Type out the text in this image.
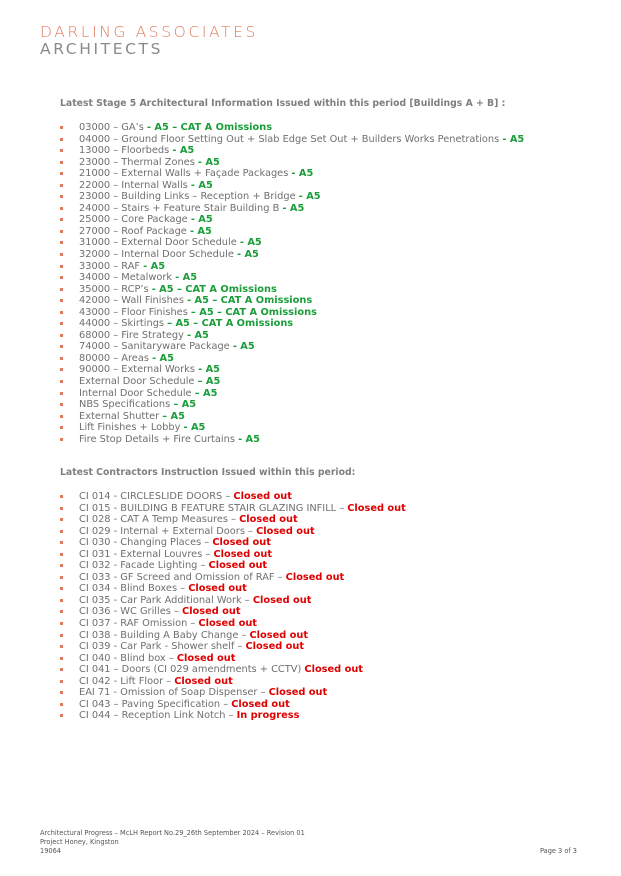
DARLING ASSOCIATES
ARCHITECTS
Latest Stage 5 Architectural Information Issued within this period [Buildings A + B] :
03000 – GA’s - A5 – CAT A Omissions
04000 – Ground Floor Setting Out + Slab Edge Set Out + Builders Works Penetrations - A5
13000 – Floorbeds - A5
23000 – Thermal Zones - A5
21000 – External Walls + Façade Packages - A5
22000 – Internal Walls - A5
23000 – Building Links – Reception + Bridge - A5
24000 – Stairs + Feature Stair Building B - A5
25000 – Core Package - A5
27000 – Roof Package - A5
31000 – External Door Schedule - A5
32000 – Internal Door Schedule - A5
33000 – RAF - A5
34000 – Metalwork - A5
35000 – RCP’s - A5 – CAT A Omissions
42000 – Wall Finishes - A5 – CAT A Omissions
43000 – Floor Finishes – A5 – CAT A Omissions
44000 – Skirtings – A5 – CAT A Omissions
68000 – Fire Strategy - A5
74000 – Sanitaryware Package - A5
80000 – Areas - A5
90000 – External Works - A5
External Door Schedule – A5
Internal Door Schedule – A5
NBS Specifications – A5
External Shutter – A5
Lift Finishes + Lobby - A5
Fire Stop Details + Fire Curtains - A5
Latest Contractors Instruction Issued within this period:
CI 014 - CIRCLESLIDE DOORS – Closed out
CI 015 - BUILDING B FEATURE STAIR GLAZING INFILL – Closed out
CI 028 - CAT A Temp Measures – Closed out
CI 029 - Internal + External Doors – Closed out
CI 030 - Changing Places – Closed out
CI 031 - External Louvres – Closed out
CI 032 - Facade Lighting – Closed out
CI 033 - GF Screed and Omission of RAF – Closed out
CI 034 - Blind Boxes – Closed out
CI 035 - Car Park Additional Work – Closed out
CI 036 - WC Grilles – Closed out
CI 037 - RAF Omission – Closed out
CI 038 - Building A Baby Change – Closed out
CI 039 - Car Park - Shower shelf – Closed out
CI 040 - Blind box – Closed out
CI 041 – Doors (CI 029 amendments + CCTV) Closed out
CI 042 - Lift Floor – Closed out
EAI 71 - Omission of Soap Dispenser – Closed out
CI 043 – Paving Specification – Closed out
CI 044 – Reception Link Notch – In progress
Architectural Progress – McLH Report No.29_26th September 2024 – Revision 01
Project Honey, Kingston
19064	Page 3 of 3
